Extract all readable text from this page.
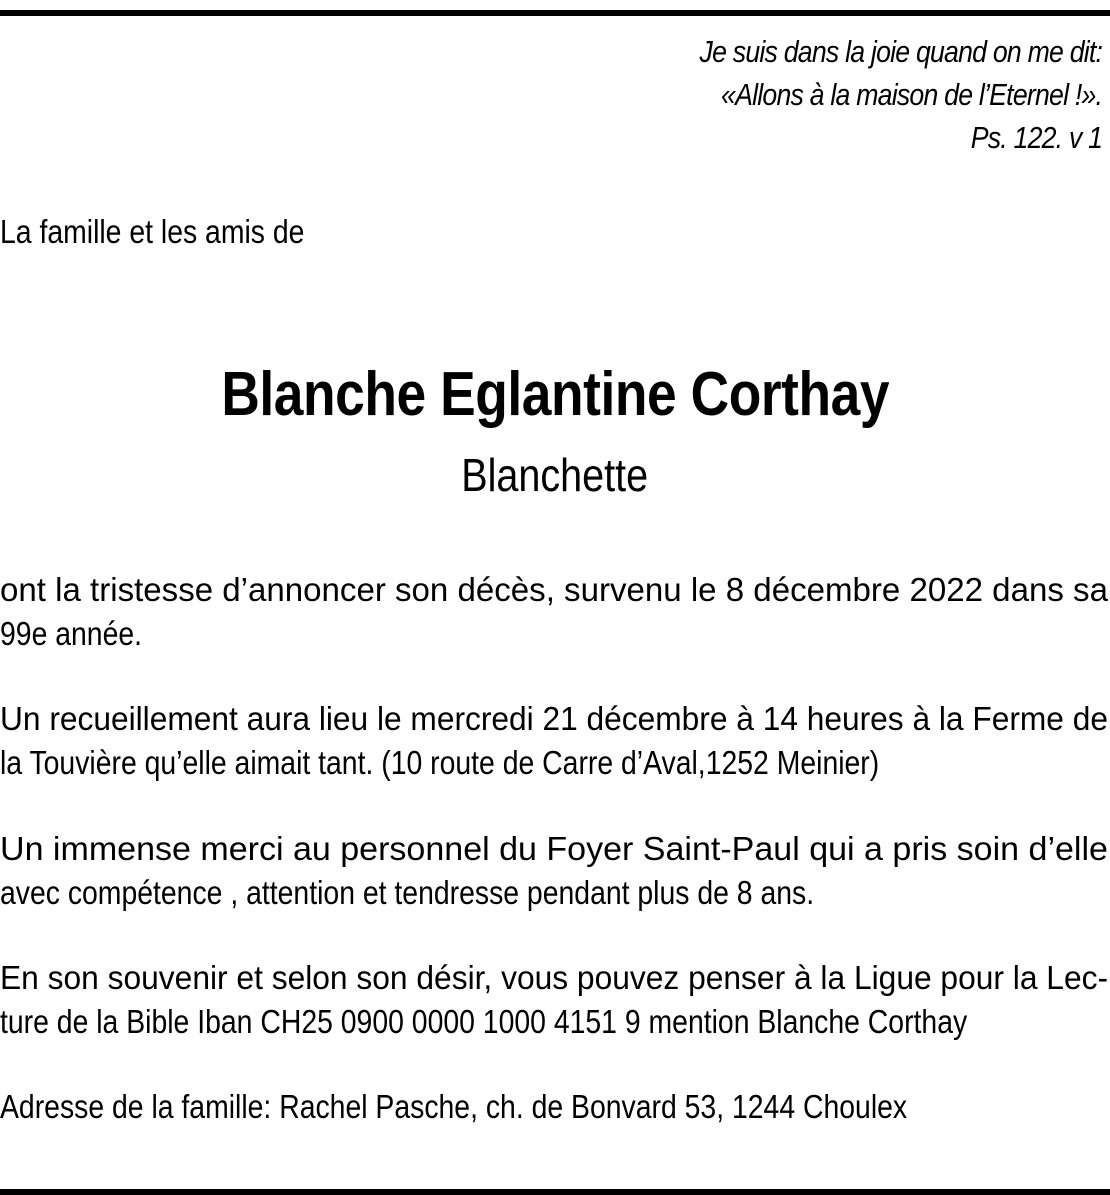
Je suis dans la joie quand on me dit:
«Allons à la maison de l’Eternel !».
Ps. 122. v 1
La famille et les amis de
Blanche Eglantine Corthay
Blanchette
ont la tristesse d’annoncer son décès, survenu le 8 décembre 2022 dans sa
99e année.
Un recueillement aura lieu le mercredi 21 décembre à 14 heures à la Ferme de
la Touvière qu’elle aimait tant. (10 route de Carre d’Aval,1252 Meinier)
Un immense merci au personnel du Foyer Saint-Paul qui a pris soin d’elle
avec compétence , attention et tendresse pendant plus de 8 ans.
En son souvenir et selon son désir, vous pouvez penser à la Ligue pour la Lec-
ture de la Bible Iban CH25 0900 0000 1000 4151 9 mention Blanche Corthay
Adresse de la famille: Rachel Pasche, ch. de Bonvard 53, 1244 Choulex
